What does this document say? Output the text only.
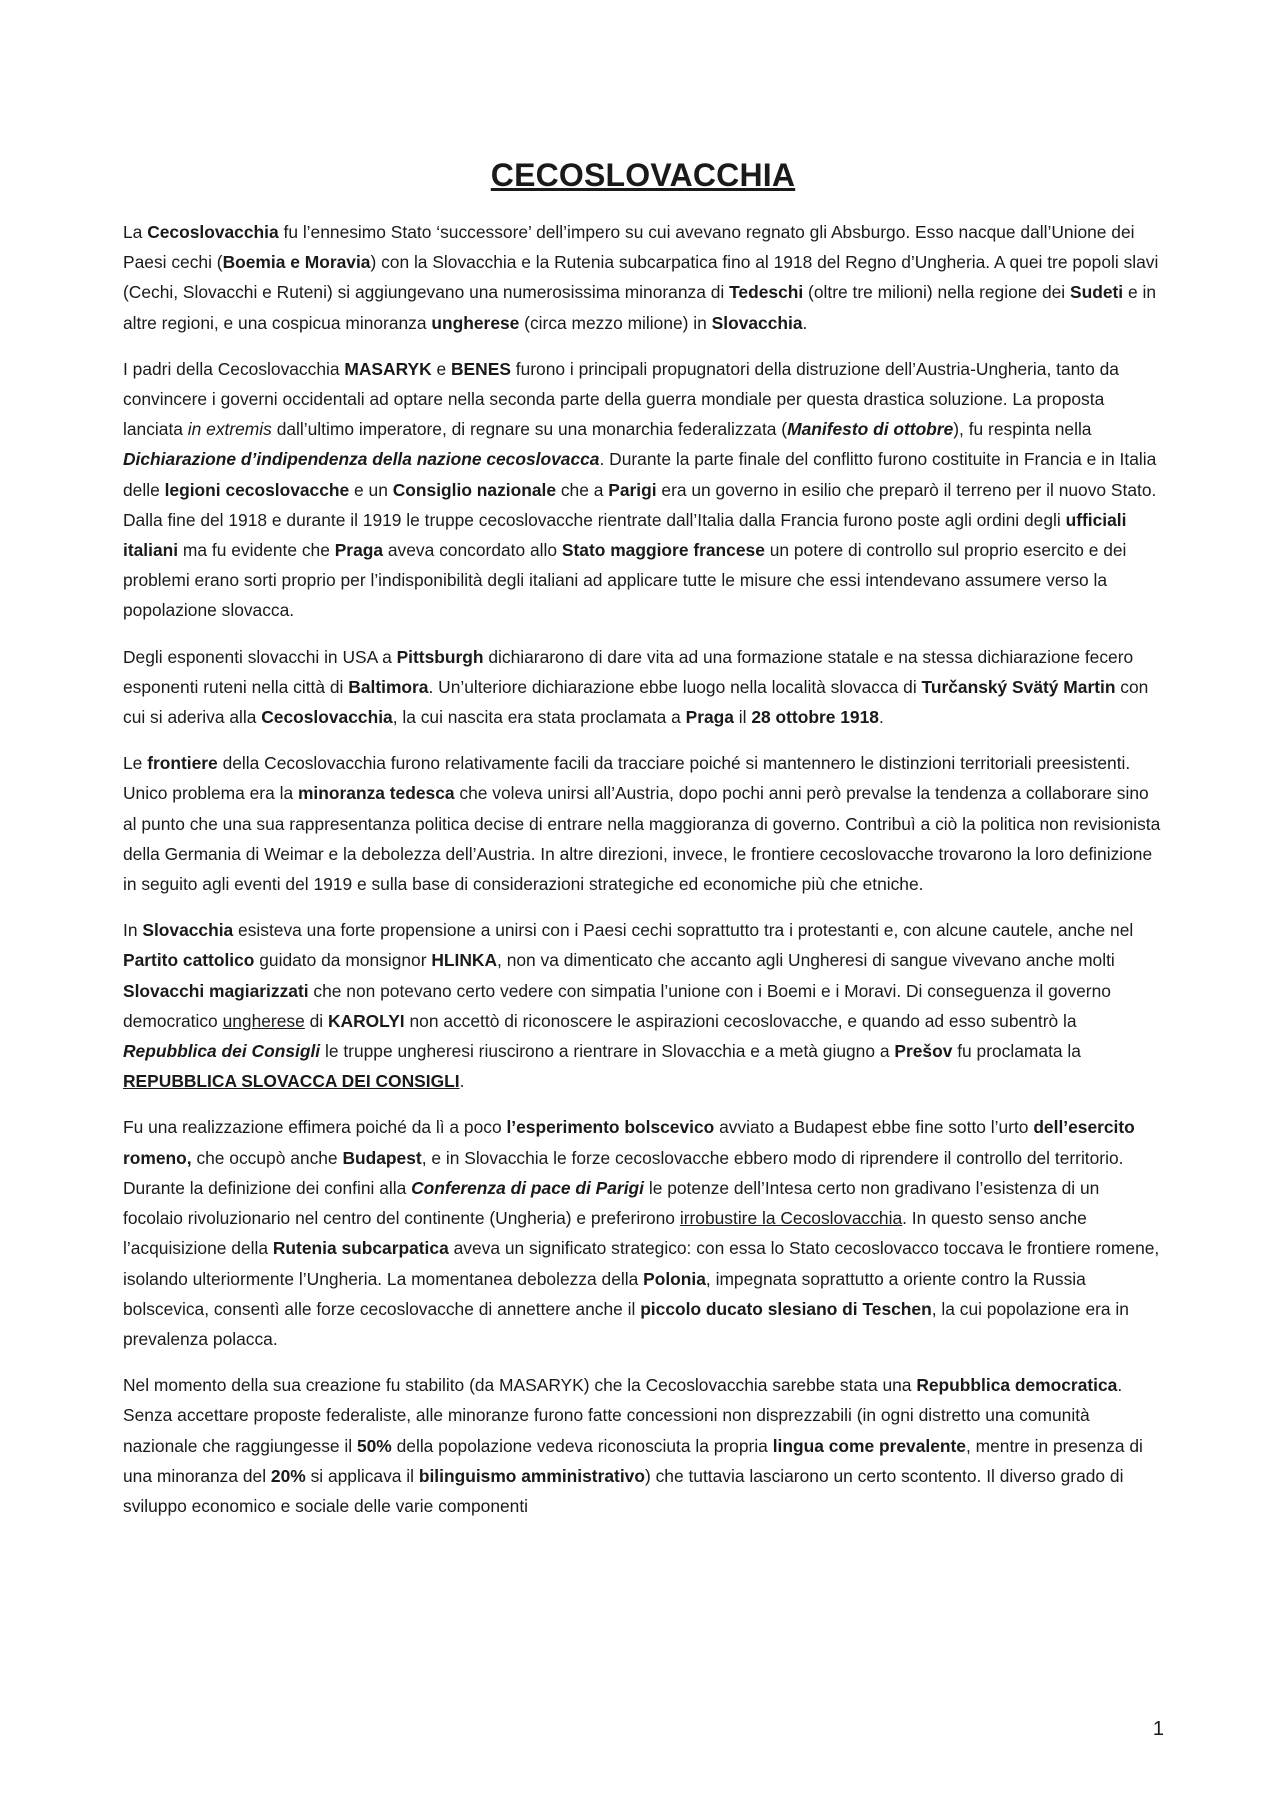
CECOSLOVACCHIA

La Cecoslovacchia fu l’ennesimo Stato ‘successore’ dell’impero su cui avevano regnato gli Absburgo. Esso nacque dall’Unione dei Paesi cechi (Boemia e Moravia) con la Slovacchia e la Rutenia subcarpatica fino al 1918 del Regno d’Ungheria. A quei tre popoli slavi (Cechi, Slovacchi e Ruteni) si aggiungevano una numerosissima minoranza di Tedeschi (oltre tre milioni) nella regione dei Sudeti e in altre regioni, e una cospicua minoranza ungherese (circa mezzo milione) in Slovacchia.

I padri della Cecoslovacchia MASARYK e BENES furono i principali propugnatori della distruzione dell’Austria-Ungheria, tanto da convincere i governi occidentali ad optare nella seconda parte della guerra mondiale per questa drastica soluzione. La proposta lanciata in extremis dall’ultimo imperatore, di regnare su una monarchia federalizzata (Manifesto di ottobre), fu respinta nella Dichiarazione d’indipendenza della nazione cecoslovacca. Durante la parte finale del conflitto furono costituite in Francia e in Italia delle legioni cecoslovacche e un Consiglio nazionale che a Parigi era un governo in esilio che preparò il terreno per il nuovo Stato. Dalla fine del 1918 e durante il 1919 le truppe cecoslovacche rientrate dall’Italia dalla Francia furono poste agli ordini degli ufficiali italiani ma fu evidente che Praga aveva concordato allo Stato maggiore francese un potere di controllo sul proprio esercito e dei problemi erano sorti proprio per l’indisponibilità degli italiani ad applicare tutte le misure che essi intendevano assumere verso la popolazione slovacca.

Degli esponenti slovacchi in USA a Pittsburgh dichiararono di dare vita ad una formazione statale e na stessa dichiarazione fecero esponenti ruteni nella città di Baltimora. Un’ulteriore dichiarazione ebbe luogo nella località slovacca di Turčanský Svätý Martin con cui si aderiva alla Cecoslovacchia, la cui nascita era stata proclamata a Praga il 28 ottobre 1918.

Le frontiere della Cecoslovacchia furono relativamente facili da tracciare poiché si mantennero le distinzioni territoriali preesistenti. Unico problema era la minoranza tedesca che voleva unirsi all’Austria, dopo pochi anni però prevalse la tendenza a collaborare sino al punto che una sua rappresentanza politica decise di entrare nella maggioranza di governo. Contribuì a ciò la politica non revisionista della Germania di Weimar e la debolezza dell’Austria. In altre direzioni, invece, le frontiere cecoslovacche trovarono la loro definizione in seguito agli eventi del 1919 e sulla base di considerazioni strategiche ed economiche più che etniche.

In Slovacchia esisteva una forte propensione a unirsi con i Paesi cechi soprattutto tra i protestanti e, con alcune cautele, anche nel Partito cattolico guidato da monsignor HLINKA, non va dimenticato che accanto agli Ungheresi di sangue vivevano anche molti Slovacchi magiarizzati che non potevano certo vedere con simpatia l’unione con i Boemi e i Moravi. Di conseguenza il governo democratico ungherese di KAROLYI non accettò di riconoscere le aspirazioni cecoslovacche, e quando ad esso subentrò la Repubblica dei Consigli le truppe ungheresi riuscirono a rientrare in Slovacchia e a metà giugno a Prešov fu proclamata la REPUBBLICA SLOVACCA DEI CONSIGLI.

Fu una realizzazione effimera poiché da lì a poco l’esperimento bolscevico avviato a Budapest ebbe fine sotto l’urto dell’esercito romeno, che occupò anche Budapest, e in Slovacchia le forze cecoslovacche ebbero modo di riprendere il controllo del territorio. Durante la definizione dei confini alla Conferenza di pace di Parigi le potenze dell’Intesa certo non gradivano l’esistenza di un focolaio rivoluzionario nel centro del continente (Ungheria) e preferirono irrobustire la Cecoslovacchia. In questo senso anche l’acquisizione della Rutenia subcarpatica aveva un significato strategico: con essa lo Stato cecoslovacco toccava le frontiere romene, isolando ulteriormente l’Ungheria. La momentanea debolezza della Polonia, impegnata soprattutto a oriente contro la Russia bolscevica, consentì alle forze cecoslovacche di annettere anche il piccolo ducato slesiano di Teschen, la cui popolazione era in prevalenza polacca.

Nel momento della sua creazione fu stabilito (da MASARYK) che la Cecoslovacchia sarebbe stata una Repubblica democratica. Senza accettare proposte federaliste, alle minoranze furono fatte concessioni non disprezzabili (in ogni distretto una comunità nazionale che raggiungesse il 50% della popolazione vedeva riconosciuta la propria lingua come prevalente, mentre in presenza di una minoranza del 20% si applicava il bilinguismo amministrativo) che tuttavia lasciarono un certo scontento. Il diverso grado di sviluppo economico e sociale delle varie componenti

1
